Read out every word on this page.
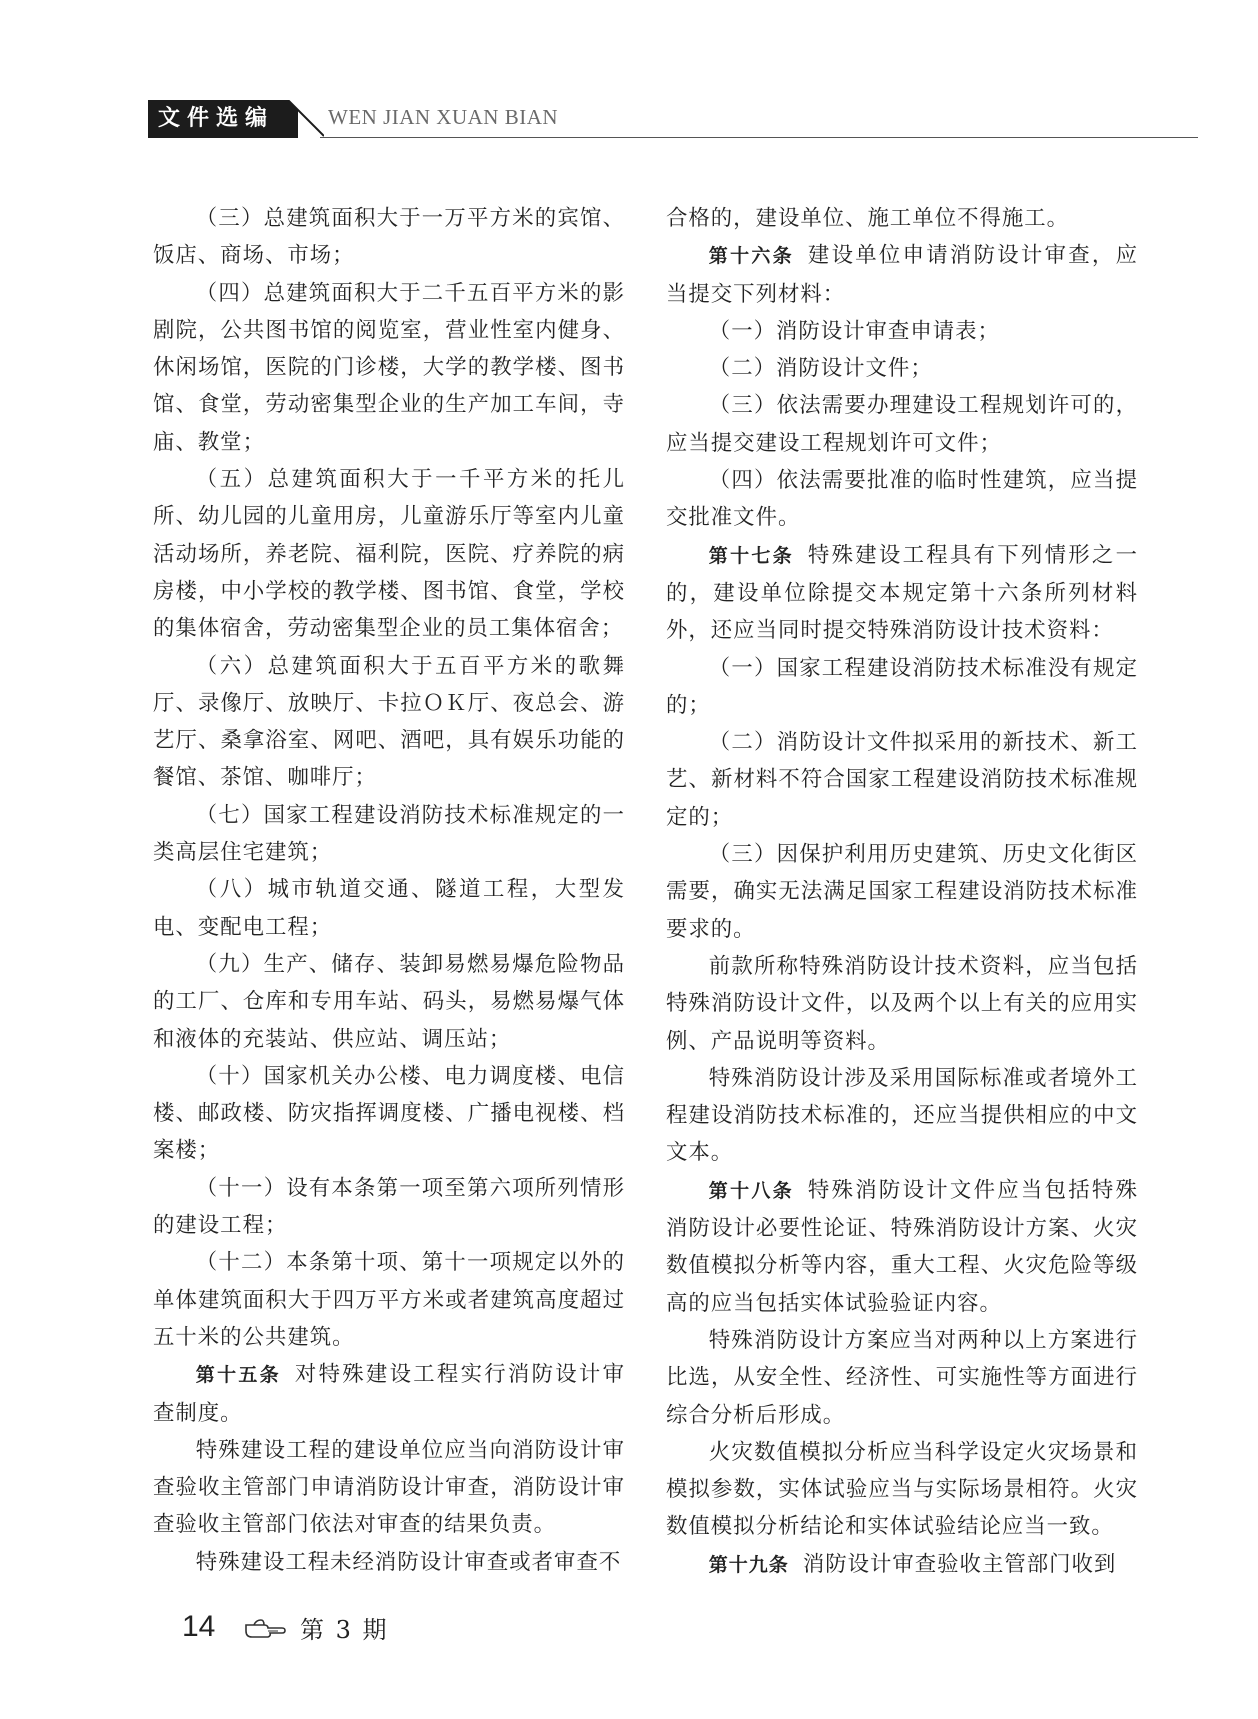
文件选编	WEN JIAN XUAN BIAN

（三）总建筑面积大于一万平方米的宾馆、饭店、商场、市场；

（四）总建筑面积大于二千五百平方米的影剧院，公共图书馆的阅览室，营业性室内健身、休闲场馆，医院的门诊楼，大学的教学楼、图书馆、食堂，劳动密集型企业的生产加工车间，寺庙、教堂；

（五）总建筑面积大于一千平方米的托儿所、幼儿园的儿童用房，儿童游乐厅等室内儿童活动场所，养老院、福利院，医院、疗养院的病房楼，中小学校的教学楼、图书馆、食堂，学校的集体宿舍，劳动密集型企业的员工集体宿舍；

（六）总建筑面积大于五百平方米的歌舞厅、录像厅、放映厅、卡拉ＯＫ厅、夜总会、游艺厅、桑拿浴室、网吧、酒吧，具有娱乐功能的餐馆、茶馆、咖啡厅；

（七）国家工程建设消防技术标准规定的一类高层住宅建筑；

（八）城市轨道交通、隧道工程，大型发电、变配电工程；

（九）生产、储存、装卸易燃易爆危险物品的工厂、仓库和专用车站、码头，易燃易爆气体和液体的充装站、供应站、调压站；

（十）国家机关办公楼、电力调度楼、电信楼、邮政楼、防灾指挥调度楼、广播电视楼、档案楼；

（十一）设有本条第一项至第六项所列情形的建设工程；

（十二）本条第十项、第十一项规定以外的单体建筑面积大于四万平方米或者建筑高度超过五十米的公共建筑。

第十五条 对特殊建设工程实行消防设计审查制度。

特殊建设工程的建设单位应当向消防设计审查验收主管部门申请消防设计审查，消防设计审查验收主管部门依法对审查的结果负责。

特殊建设工程未经消防设计审查或者审查不

合格的，建设单位、施工单位不得施工。

第十六条 建设单位申请消防设计审查，应当提交下列材料：

（一）消防设计审查申请表；

（二）消防设计文件；

（三）依法需要办理建设工程规划许可的，应当提交建设工程规划许可文件；

（四）依法需要批准的临时性建筑，应当提交批准文件。

第十七条 特殊建设工程具有下列情形之一的，建设单位除提交本规定第十六条所列材料外，还应当同时提交特殊消防设计技术资料：

（一）国家工程建设消防技术标准没有规定的；

（二）消防设计文件拟采用的新技术、新工艺、新材料不符合国家工程建设消防技术标准规定的；

（三）因保护利用历史建筑、历史文化街区需要，确实无法满足国家工程建设消防技术标准要求的。

前款所称特殊消防设计技术资料，应当包括特殊消防设计文件，以及两个以上有关的应用实例、产品说明等资料。

特殊消防设计涉及采用国际标准或者境外工程建设消防技术标准的，还应当提供相应的中文文本。

第十八条 特殊消防设计文件应当包括特殊消防设计必要性论证、特殊消防设计方案、火灾数值模拟分析等内容，重大工程、火灾危险等级高的应当包括实体试验验证内容。

特殊消防设计方案应当对两种以上方案进行比选，从安全性、经济性、可实施性等方面进行综合分析后形成。

火灾数值模拟分析应当科学设定火灾场景和模拟参数，实体试验应当与实际场景相符。火灾数值模拟分析结论和实体试验结论应当一致。

第十九条 消防设计审查验收主管部门收到

14	第 3 期
